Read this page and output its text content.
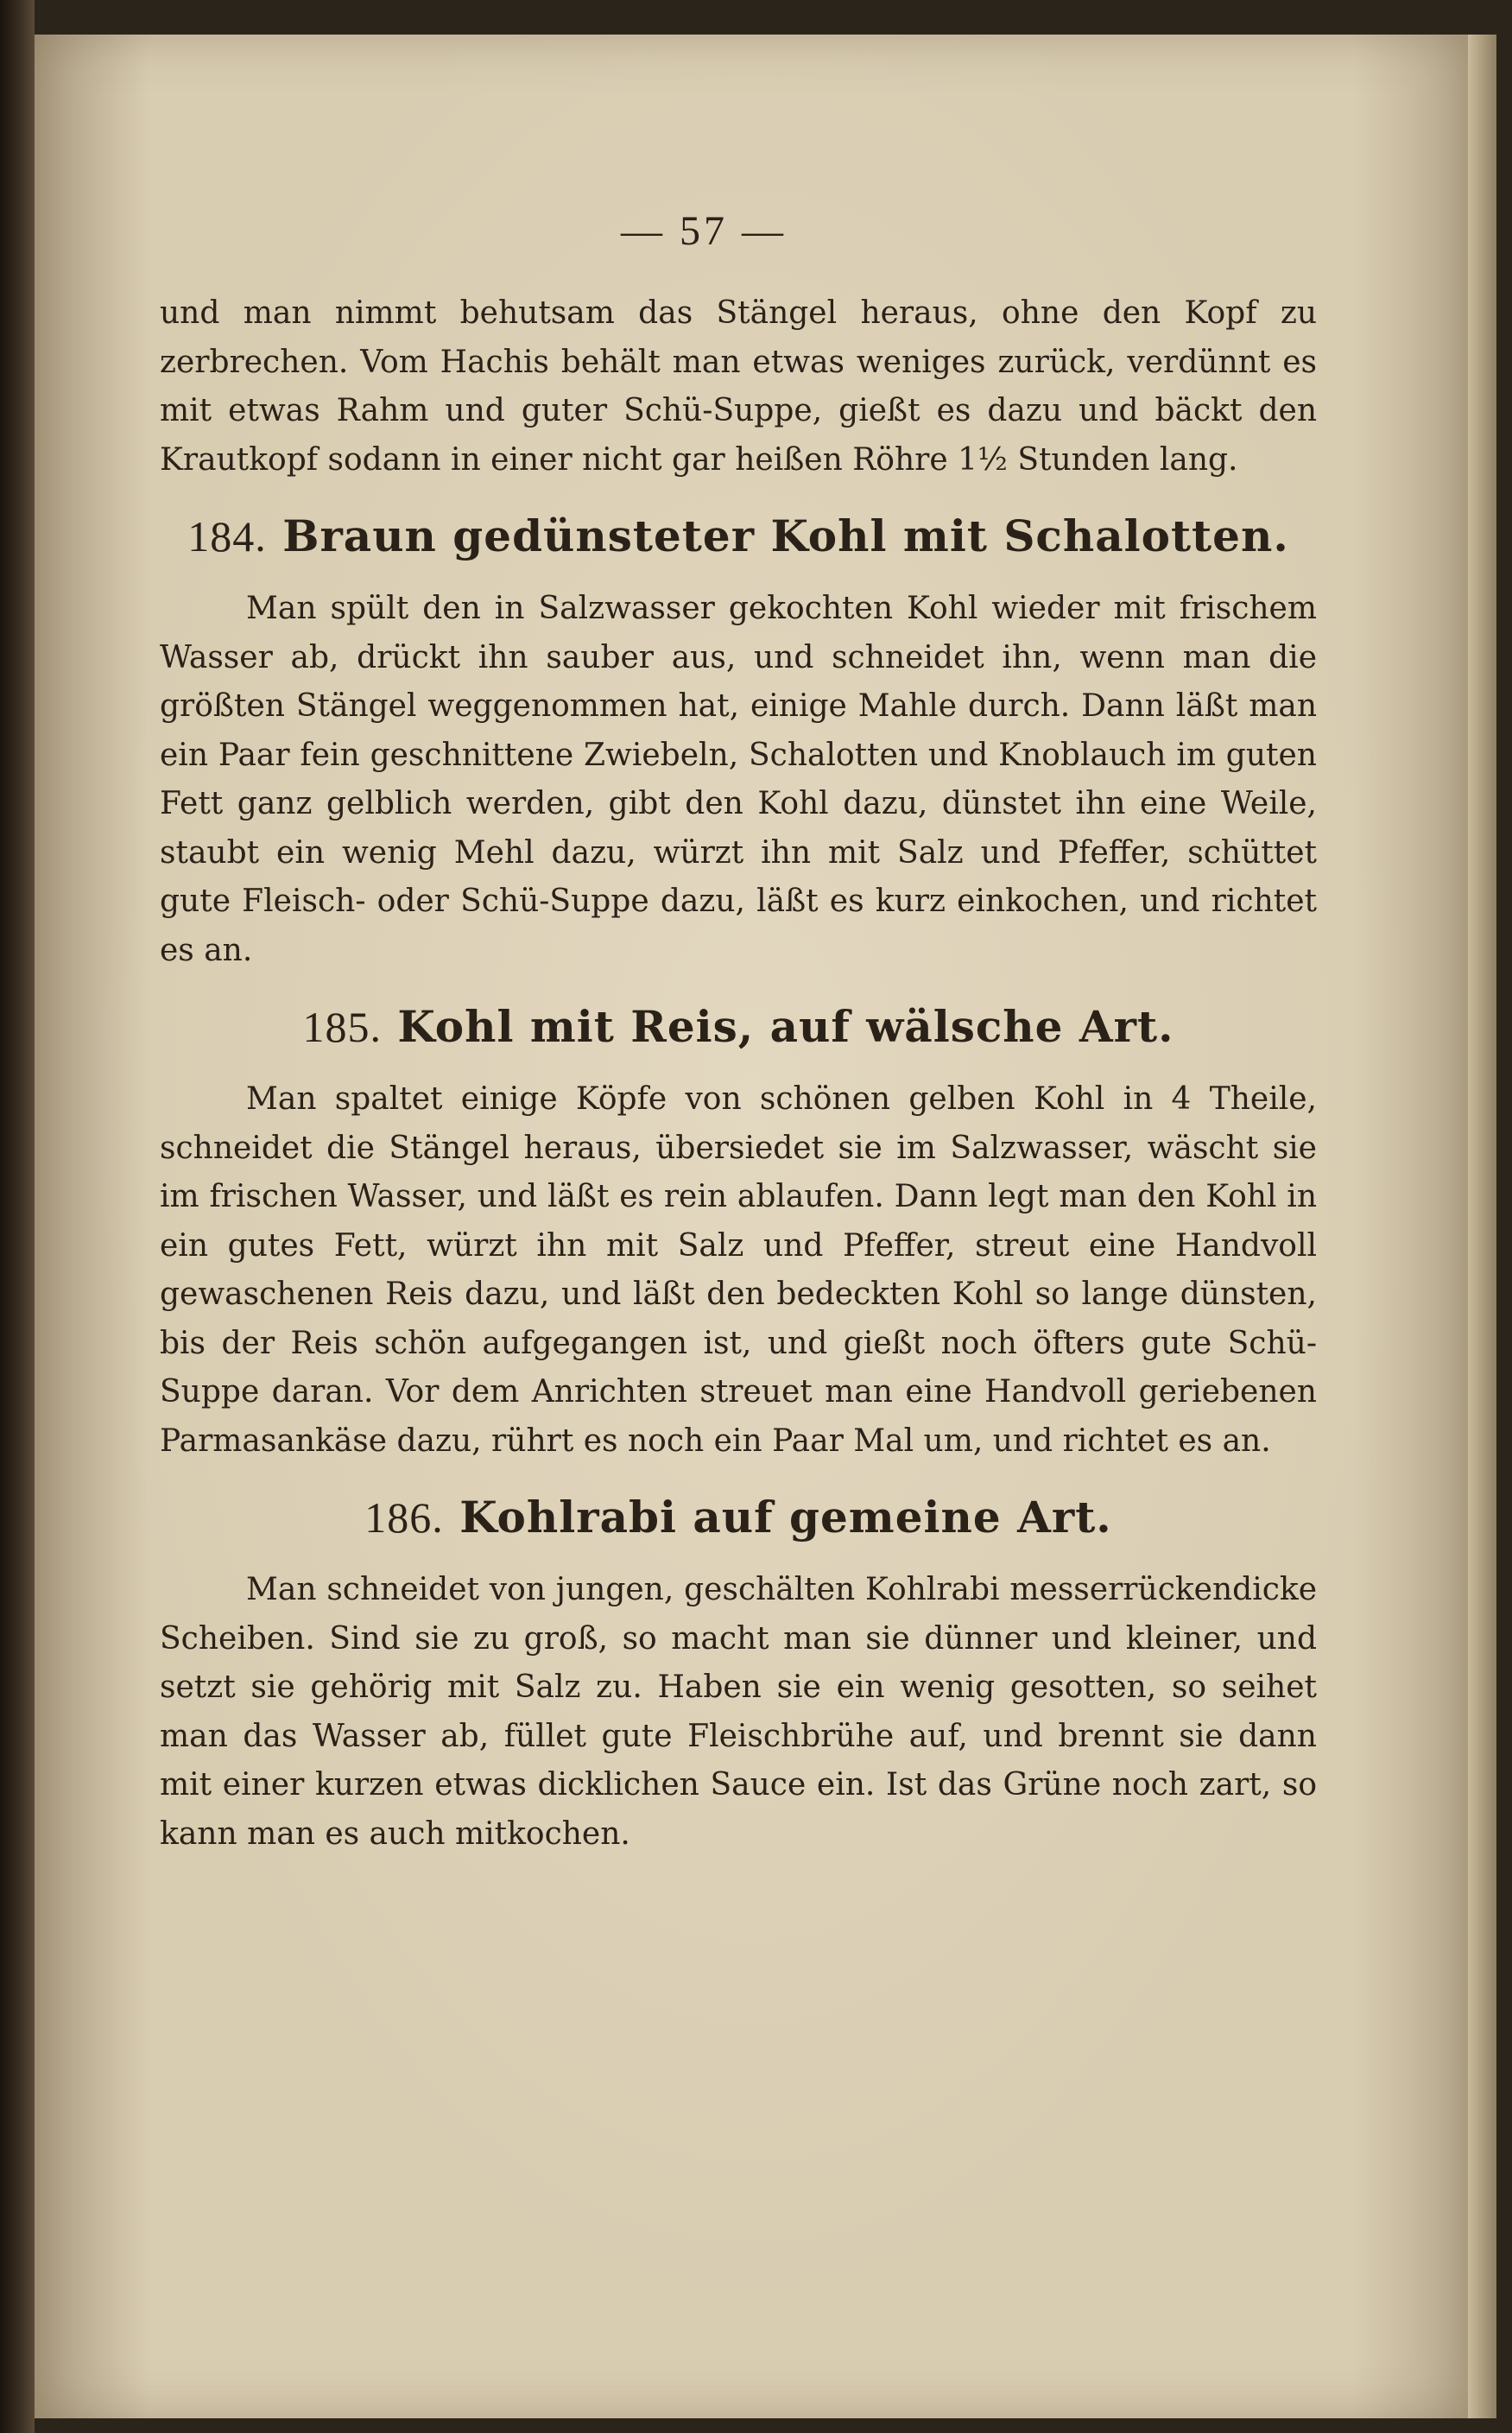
— 57 —

und man nimmt behutsam das Stängel heraus, ohne den Kopf zu zerbrechen. Vom Hachis behält man etwas weniges zurück, verdünnt es mit etwas Rahm und guter Schü-Suppe, gießt es dazu und bäckt den Krautkopf sodann in einer nicht gar heißen Röhre 1½ Stunden lang.

184. Braun gedünsteter Kohl mit Schalotten.

Man spült den in Salzwasser gekochten Kohl wieder mit frischem Wasser ab, drückt ihn sauber aus, und schneidet ihn, wenn man die größten Stängel weggenommen hat, einige Mahle durch. Dann läßt man ein Paar fein geschnittene Zwiebeln, Schalotten und Knoblauch im guten Fett ganz gelblich werden, gibt den Kohl dazu, dünstet ihn eine Weile, staubt ein wenig Mehl dazu, würzt ihn mit Salz und Pfeffer, schüttet gute Fleisch- oder Schü-Suppe dazu, läßt es kurz einkochen, und richtet es an.

185. Kohl mit Reis, auf wälsche Art.

Man spaltet einige Köpfe von schönen gelben Kohl in 4 Theile, schneidet die Stängel heraus, übersiedet sie im Salzwasser, wäscht sie im frischen Wasser, und läßt es rein ablaufen. Dann legt man den Kohl in ein gutes Fett, würzt ihn mit Salz und Pfeffer, streut eine Handvoll gewaschenen Reis dazu, und läßt den bedeckten Kohl so lange dünsten, bis der Reis schön aufgegangen ist, und gießt noch öfters gute Schü-Suppe daran. Vor dem Anrichten streuet man eine Handvoll geriebenen Parmasankäse dazu, rührt es noch ein Paar Mal um, und richtet es an.

186. Kohlrabi auf gemeine Art.

Man schneidet von jungen, geschälten Kohlrabi messerrückendicke Scheiben. Sind sie zu groß, so macht man sie dünner und kleiner, und setzt sie gehörig mit Salz zu. Haben sie ein wenig gesotten, so seihet man das Wasser ab, füllet gute Fleischbrühe auf, und brennt sie dann mit einer kurzen etwas dicklichen Sauce ein. Ist das Grüne noch zart, so kann man es auch mitkochen.
